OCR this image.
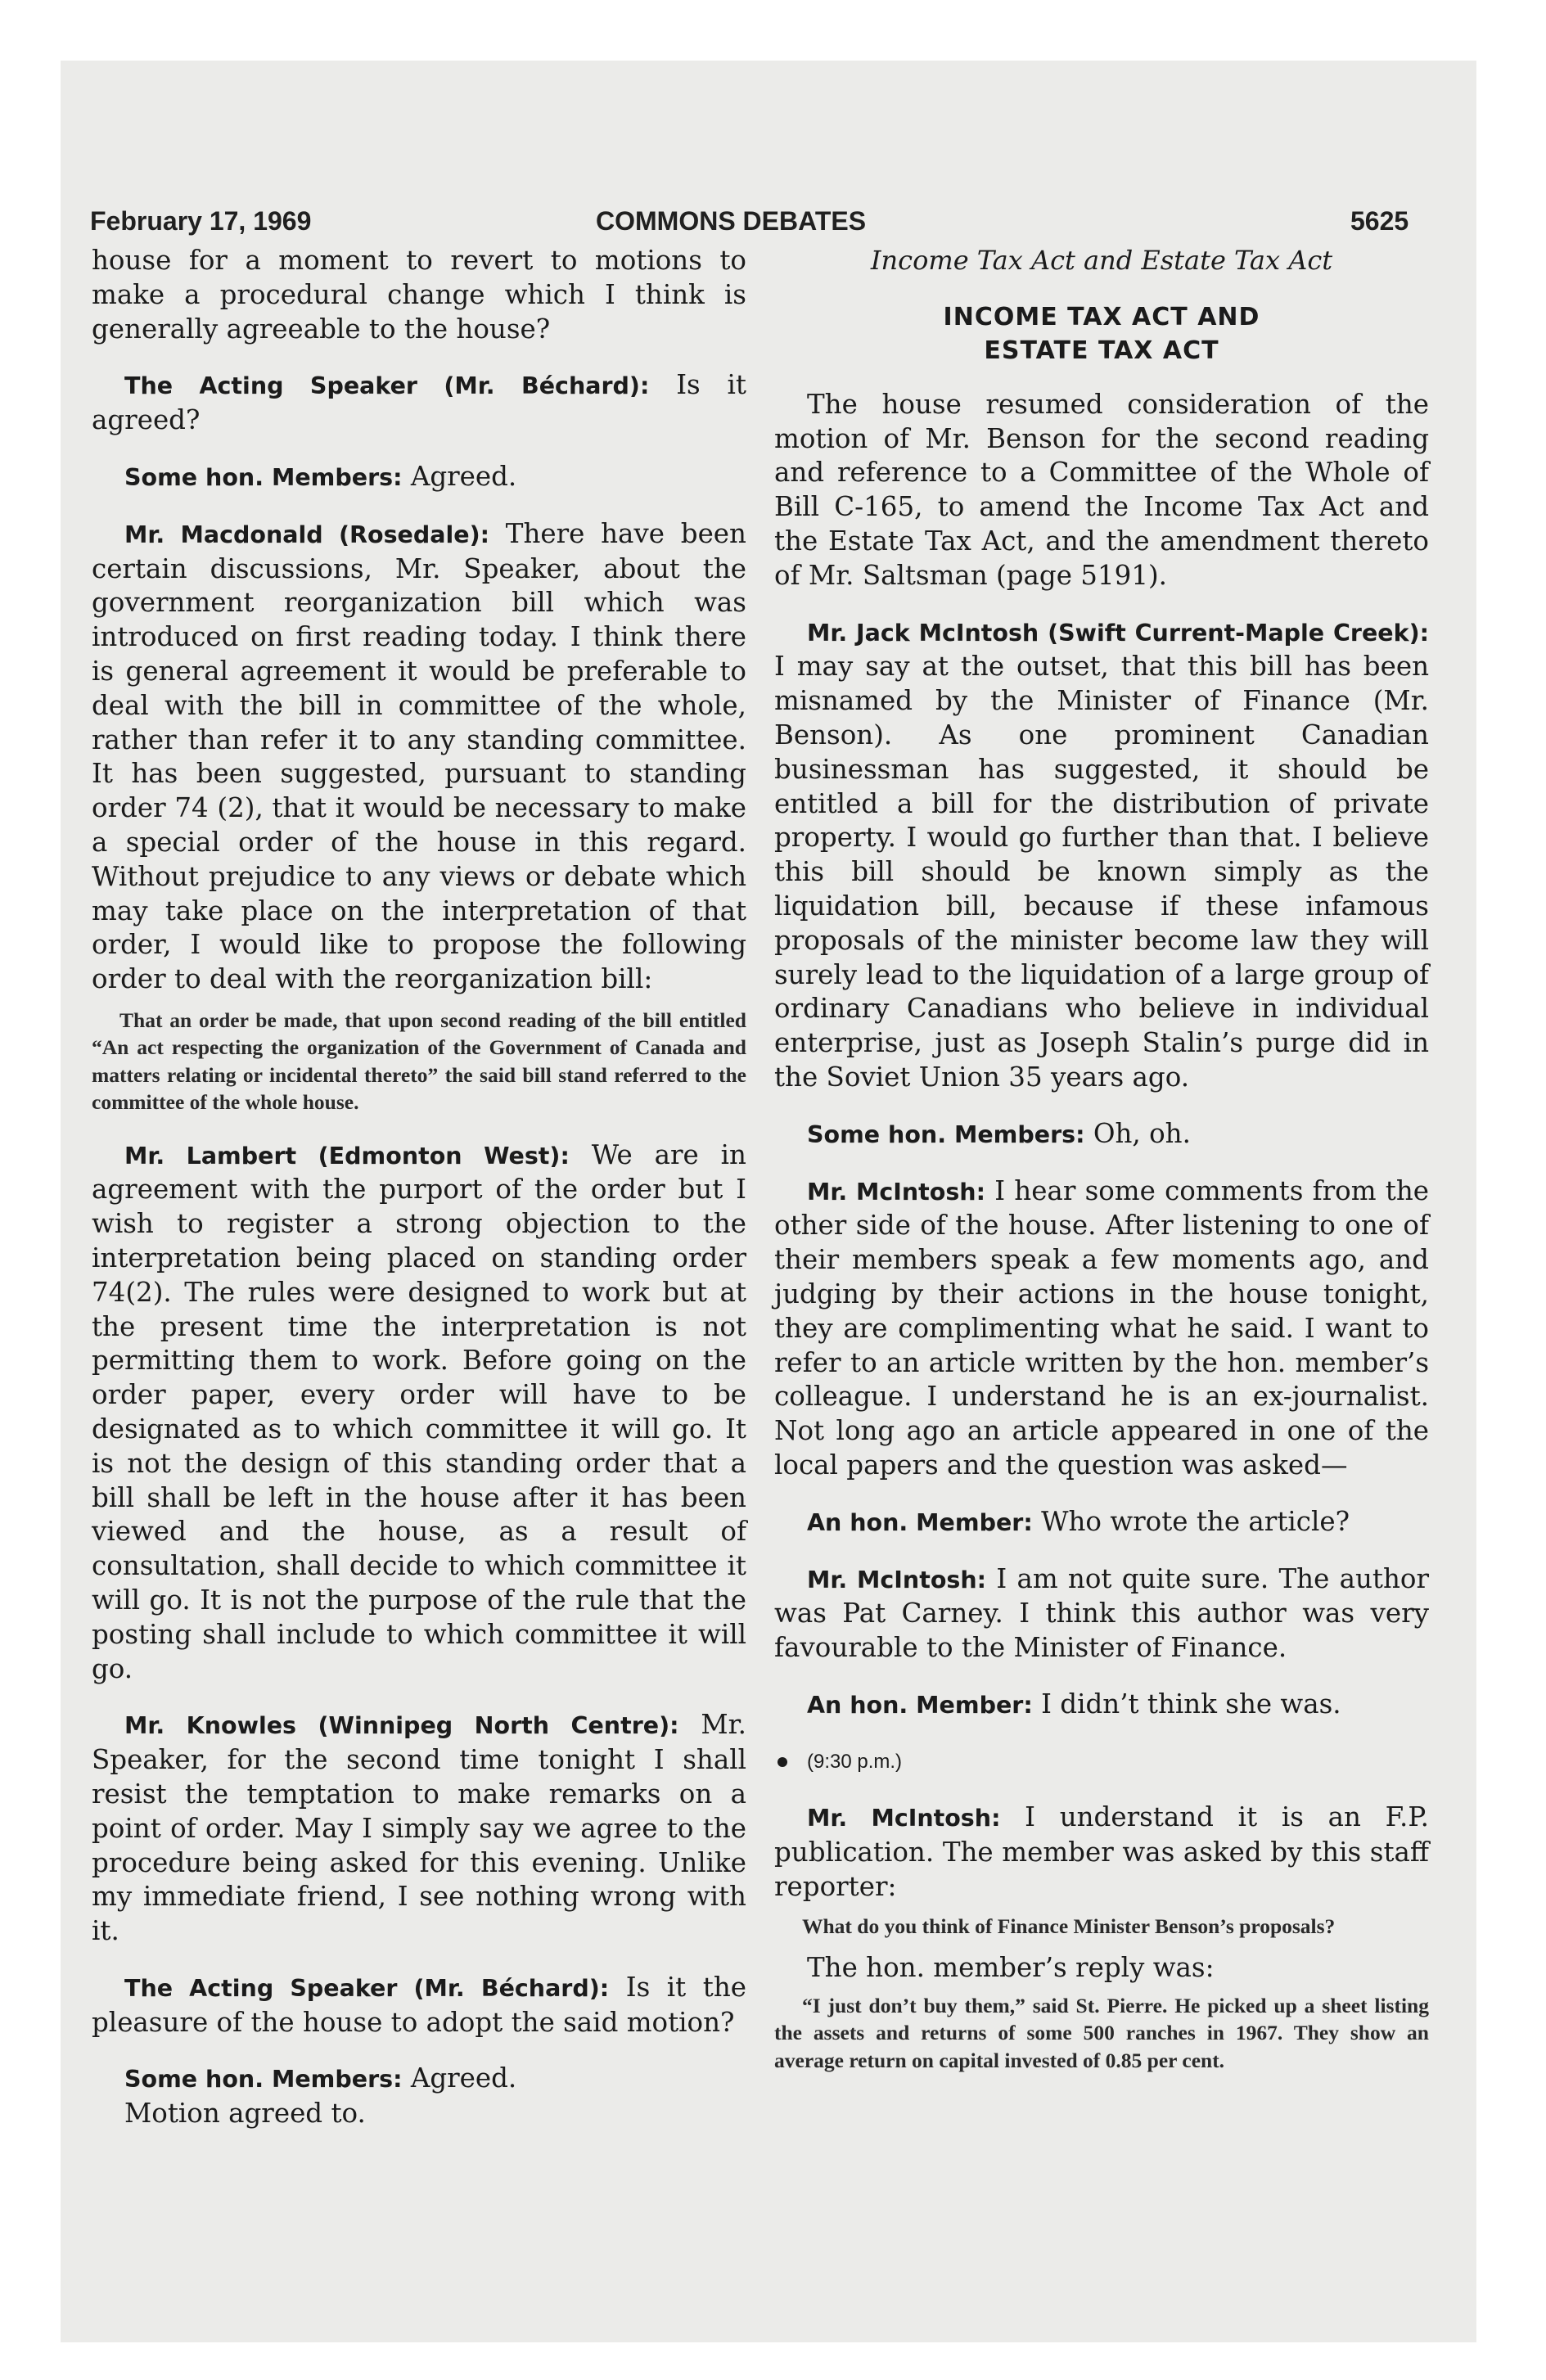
February 17, 1969	COMMONS DEBATES	5625

house for a moment to revert to motions to make a procedural change which I think is generally agreeable to the house?

The Acting Speaker (Mr. Béchard): Is it agreed?

Some hon. Members: Agreed.

Mr. Macdonald (Rosedale): There have been certain discussions, Mr. Speaker, about the government reorganization bill which was introduced on first reading today. I think there is general agreement it would be preferable to deal with the bill in committee of the whole, rather than refer it to any standing committee. It has been suggested, pursuant to standing order 74 (2), that it would be necessary to make a special order of the house in this regard. Without prejudice to any views or debate which may take place on the interpretation of that order, I would like to propose the following order to deal with the reorganization bill:

That an order be made, that upon second reading of the bill entitled “An act respecting the organization of the Government of Canada and matters relating or incidental thereto” the said bill stand referred to the committee of the whole house.

Mr. Lambert (Edmonton West): We are in agreement with the purport of the order but I wish to register a strong objection to the interpretation being placed on standing order 74(2). The rules were designed to work but at the present time the interpretation is not permitting them to work. Before going on the order paper, every order will have to be designated as to which committee it will go. It is not the design of this standing order that a bill shall be left in the house after it has been viewed and the house, as a result of consultation, shall decide to which committee it will go. It is not the purpose of the rule that the posting shall include to which committee it will go.

Mr. Knowles (Winnipeg North Centre): Mr. Speaker, for the second time tonight I shall resist the temptation to make remarks on a point of order. May I simply say we agree to the procedure being asked for this evening. Unlike my immediate friend, I see nothing wrong with it.

The Acting Speaker (Mr. Béchard): Is it the pleasure of the house to adopt the said motion?

Some hon. Members: Agreed.

Motion agreed to.

Income Tax Act and Estate Tax Act

INCOME TAX ACT AND
ESTATE TAX ACT

The house resumed consideration of the motion of Mr. Benson for the second reading and reference to a Committee of the Whole of Bill C-165, to amend the Income Tax Act and the Estate Tax Act, and the amendment thereto of Mr. Saltsman (page 5191).

Mr. Jack McIntosh (Swift Current-Maple Creek): I may say at the outset, that this bill has been misnamed by the Minister of Finance (Mr. Benson). As one prominent Canadian businessman has suggested, it should be entitled a bill for the distribution of private property. I would go further than that. I believe this bill should be known simply as the liquidation bill, because if these infamous proposals of the minister become law they will surely lead to the liquidation of a large group of ordinary Canadians who believe in individual enterprise, just as Joseph Stalin’s purge did in the Soviet Union 35 years ago.

Some hon. Members: Oh, oh.

Mr. McIntosh: I hear some comments from the other side of the house. After listening to one of their members speak a few moments ago, and judging by their actions in the house tonight, they are complimenting what he said. I want to refer to an article written by the hon. member’s colleague. I understand he is an ex-journalist. Not long ago an article appeared in one of the local papers and the question was asked—

An hon. Member: Who wrote the article?

Mr. McIntosh: I am not quite sure. The author was Pat Carney. I think this author was very favourable to the Minister of Finance.

An hon. Member: I didn’t think she was.

(9:30 p.m.)

Mr. McIntosh: I understand it is an F.P. publication. The member was asked by this staff reporter:

What do you think of Finance Minister Benson’s proposals?

The hon. member’s reply was:

“I just don’t buy them,” said St. Pierre. He picked up a sheet listing the assets and returns of some 500 ranches in 1967. They show an average return on capital invested of 0.85 per cent.
